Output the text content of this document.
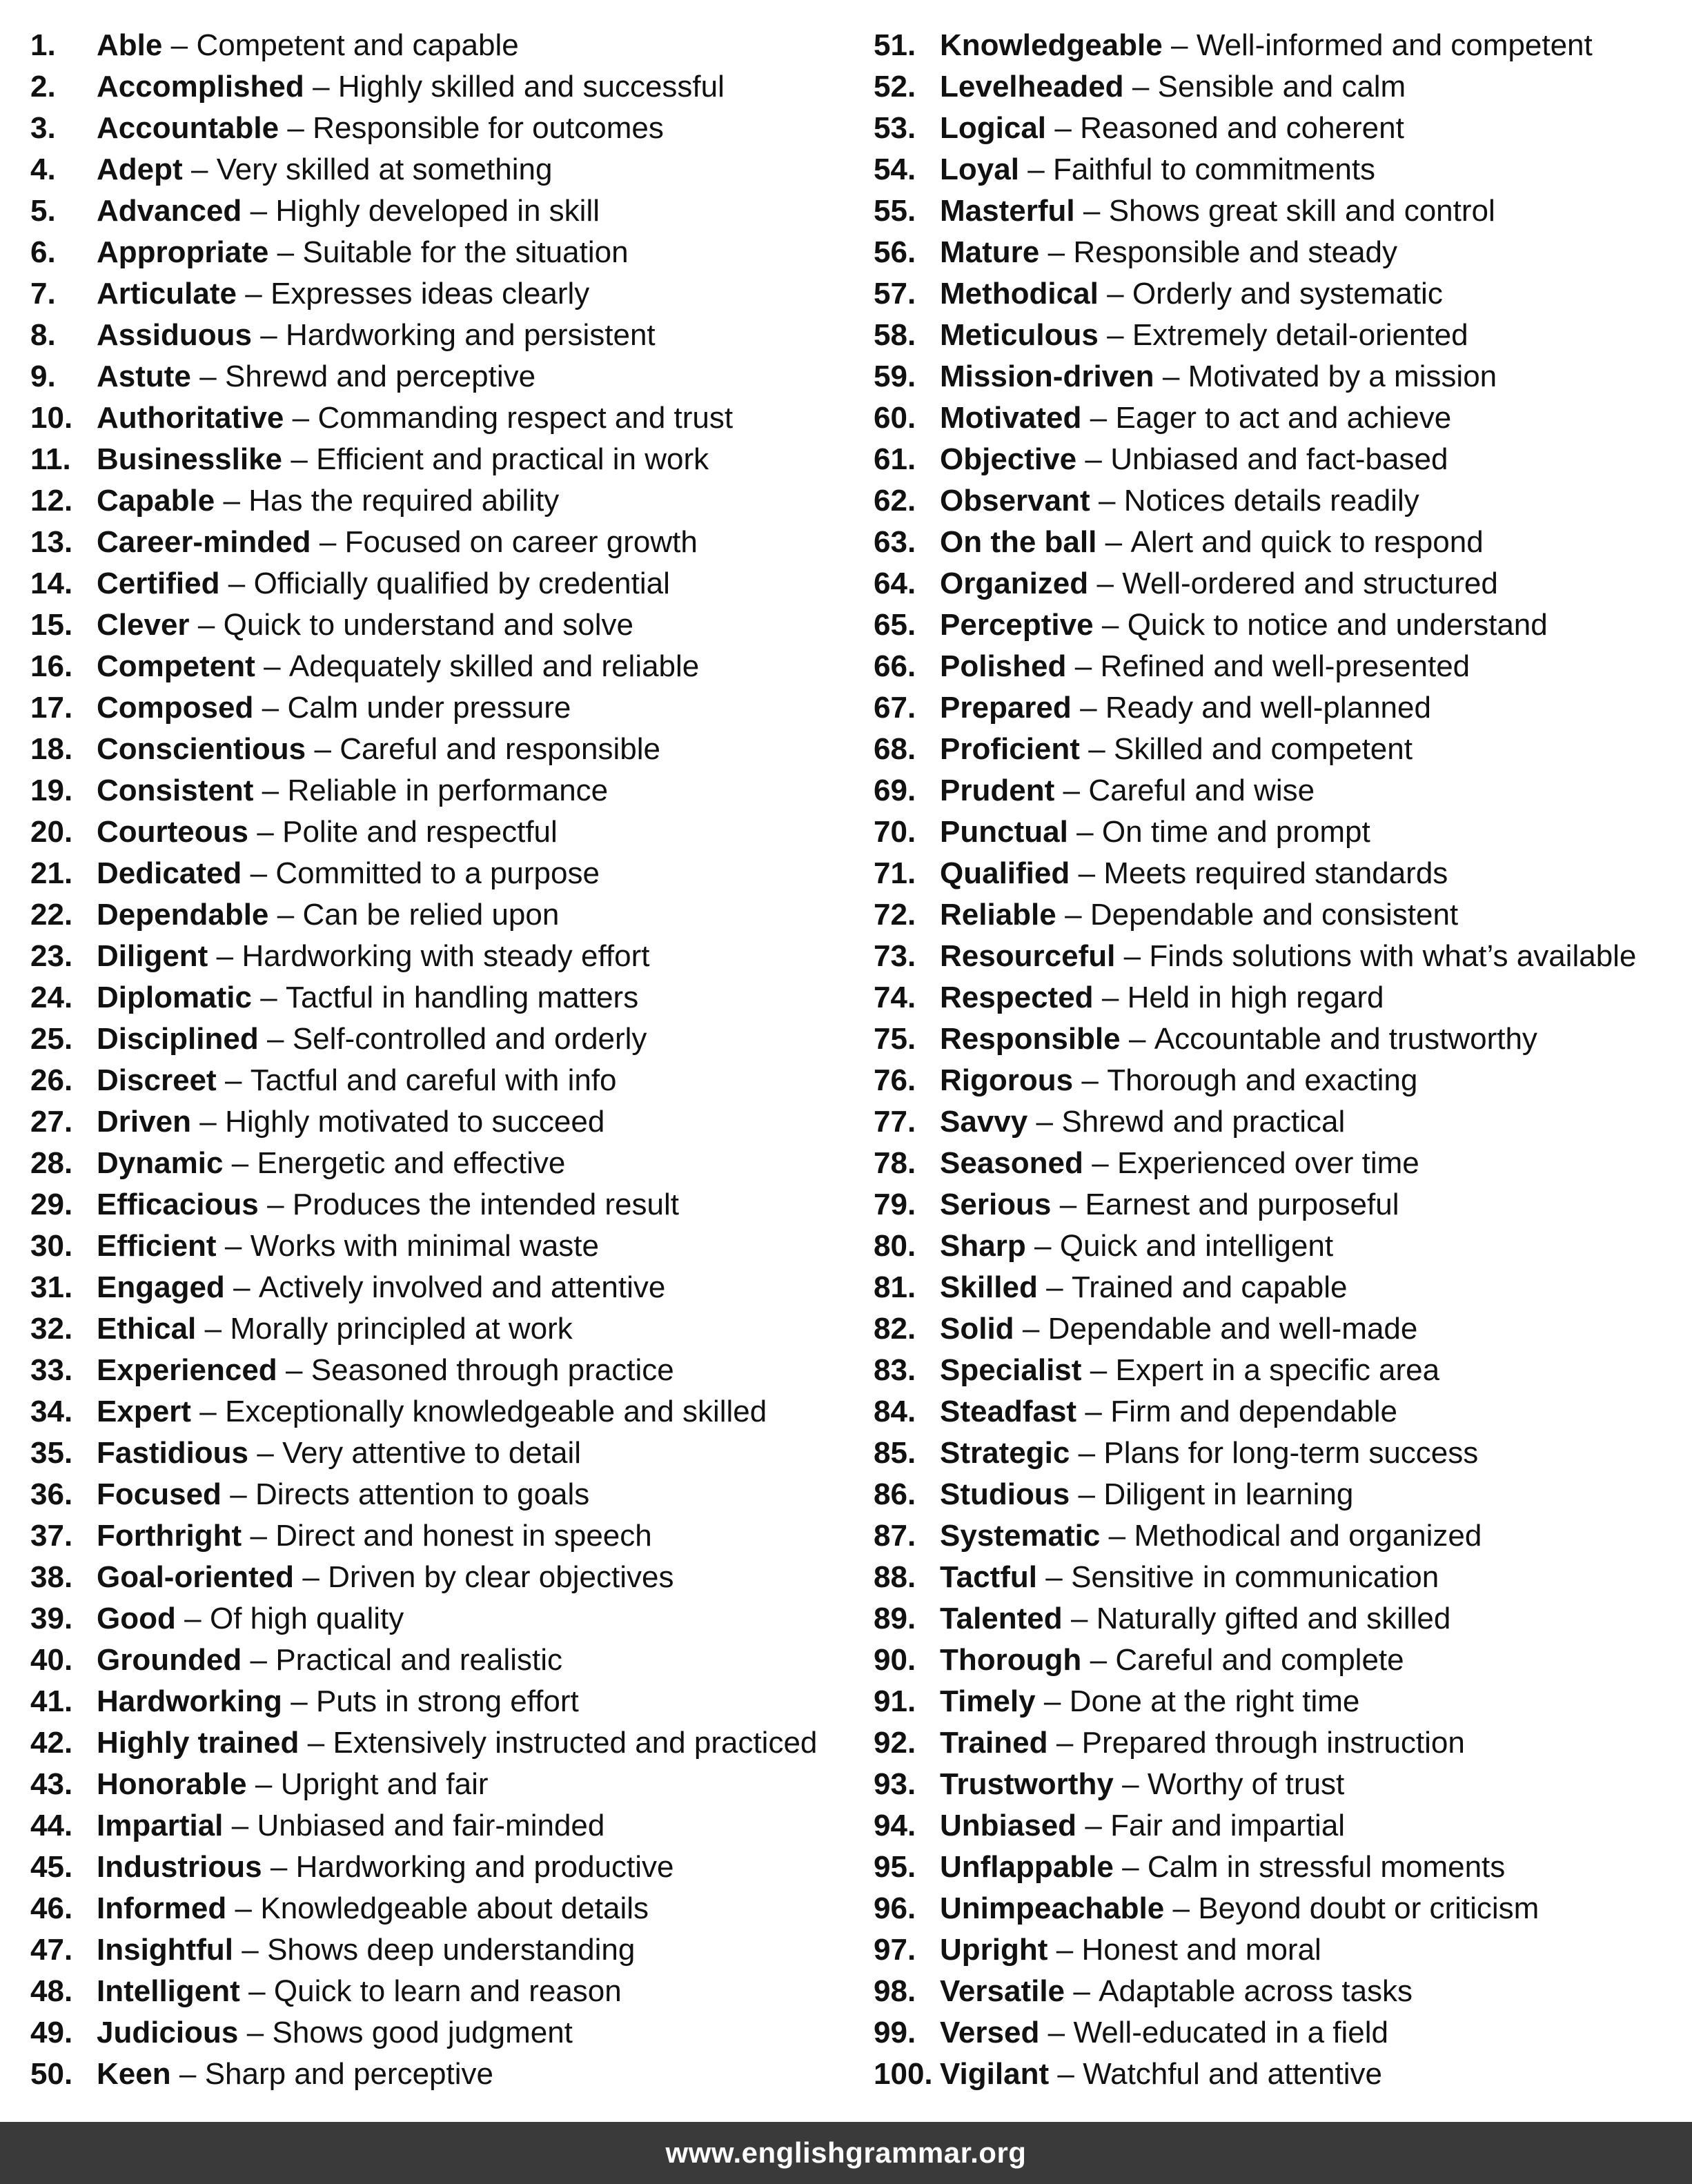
1.	Able – Competent and capable
2.	Accomplished – Highly skilled and successful
3.	Accountable – Responsible for outcomes
4.	Adept – Very skilled at something
5.	Advanced – Highly developed in skill
6.	Appropriate – Suitable for the situation
7.	Articulate – Expresses ideas clearly
8.	Assiduous – Hardworking and persistent
9.	Astute – Shrewd and perceptive
10. Authoritative – Commanding respect and trust
11. Businesslike – Efficient and practical in work
12. Capable – Has the required ability
13. Career-minded – Focused on career growth
14. Certified – Officially qualified by credential
15. Clever – Quick to understand and solve
16. Competent – Adequately skilled and reliable
17. Composed – Calm under pressure
18. Conscientious – Careful and responsible
19. Consistent – Reliable in performance
20. Courteous – Polite and respectful
21. Dedicated – Committed to a purpose
22. Dependable – Can be relied upon
23. Diligent – Hardworking with steady effort
24. Diplomatic – Tactful in handling matters
25. Disciplined – Self-controlled and orderly
26. Discreet – Tactful and careful with info
27. Driven – Highly motivated to succeed
28. Dynamic – Energetic and effective
29. Efficacious – Produces the intended result
30. Efficient – Works with minimal waste
31. Engaged – Actively involved and attentive
32. Ethical – Morally principled at work
33. Experienced – Seasoned through practice
34. Expert – Exceptionally knowledgeable and skilled
35. Fastidious – Very attentive to detail
36. Focused – Directs attention to goals
37. Forthright – Direct and honest in speech
38. Goal-oriented – Driven by clear objectives
39. Good – Of high quality
40. Grounded – Practical and realistic
41. Hardworking – Puts in strong effort
42. Highly trained – Extensively instructed and practiced
43. Honorable – Upright and fair
44. Impartial – Unbiased and fair-minded
45. Industrious – Hardworking and productive
46. Informed – Knowledgeable about details
47. Insightful – Shows deep understanding
48. Intelligent – Quick to learn and reason
49. Judicious – Shows good judgment
50. Keen – Sharp and perceptive
51. Knowledgeable – Well-informed and competent
52. Levelheaded – Sensible and calm
53. Logical – Reasoned and coherent
54. Loyal – Faithful to commitments
55. Masterful – Shows great skill and control
56. Mature – Responsible and steady
57. Methodical – Orderly and systematic
58. Meticulous – Extremely detail-oriented
59. Mission-driven – Motivated by a mission
60. Motivated – Eager to act and achieve
61. Objective – Unbiased and fact-based
62. Observant – Notices details readily
63. On the ball – Alert and quick to respond
64. Organized – Well-ordered and structured
65. Perceptive – Quick to notice and understand
66. Polished – Refined and well-presented
67. Prepared – Ready and well-planned
68. Proficient – Skilled and competent
69. Prudent – Careful and wise
70. Punctual – On time and prompt
71. Qualified – Meets required standards
72. Reliable – Dependable and consistent
73. Resourceful – Finds solutions with what’s available
74. Respected – Held in high regard
75. Responsible – Accountable and trustworthy
76. Rigorous – Thorough and exacting
77. Savvy – Shrewd and practical
78. Seasoned – Experienced over time
79. Serious – Earnest and purposeful
80. Sharp – Quick and intelligent
81. Skilled – Trained and capable
82. Solid – Dependable and well-made
83. Specialist – Expert in a specific area
84. Steadfast – Firm and dependable
85. Strategic – Plans for long-term success
86. Studious – Diligent in learning
87. Systematic – Methodical and organized
88. Tactful – Sensitive in communication
89. Talented – Naturally gifted and skilled
90. Thorough – Careful and complete
91. Timely – Done at the right time
92. Trained – Prepared through instruction
93. Trustworthy – Worthy of trust
94. Unbiased – Fair and impartial
95. Unflappable – Calm in stressful moments
96. Unimpeachable – Beyond doubt or criticism
97. Upright – Honest and moral
98. Versatile – Adaptable across tasks
99. Versed – Well-educated in a field
100. Vigilant – Watchful and attentive
www.englishgrammar.org
